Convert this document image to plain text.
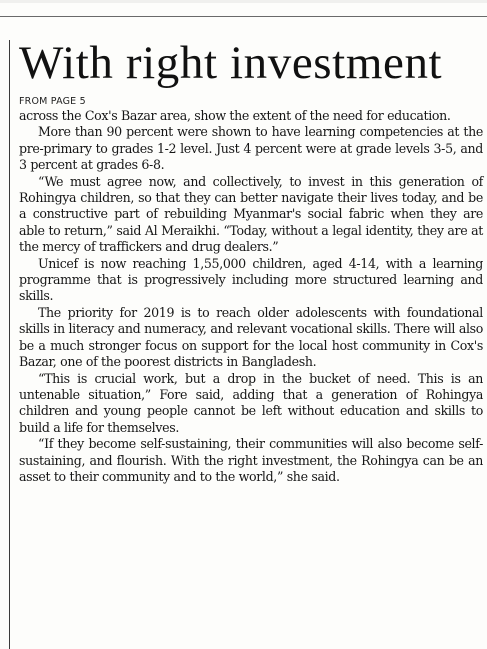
With right investment
FROM PAGE 5

across the Cox's Bazar area, show the extent of the need for education.

More than 90 percent were shown to have learning competencies at the pre-primary to grades 1-2 level. Just 4 percent were at grade levels 3-5, and 3 percent at grades 6-8.

“We must agree now, and collectively, to invest in this generation of Rohingya children, so that they can better navigate their lives today, and be a constructive part of rebuilding Myanmar's social fabric when they are able to return,” said Al Meraikhi. “Today, without a legal identity, they are at the mercy of traffickers and drug dealers.”

Unicef is now reaching 1,55,000 children, aged 4-14, with a learning programme that is progressively including more structured learning and skills.

The priority for 2019 is to reach older adolescents with foundational skills in literacy and numeracy, and relevant vocational skills. There will also be a much stronger focus on support for the local host community in Cox's Bazar, one of the poorest districts in Bangladesh.

“This is crucial work, but a drop in the bucket of need. This is an untenable situation,” Fore said, adding that a generation of Rohingya children and young people cannot be left without education and skills to build a life for themselves.

“If they become self-sustaining, their communities will also become self-sustaining, and flourish. With the right investment, the Rohingya can be an asset to their community and to the world,” she said.
